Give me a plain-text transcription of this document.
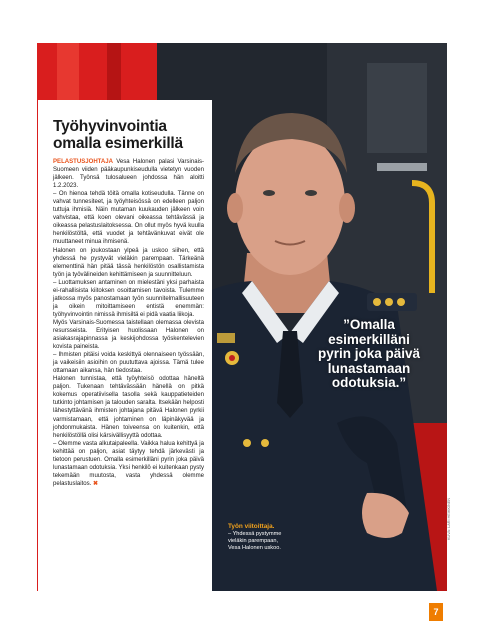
Työhyvinvointia
omalla esimerkillä

PELASTUSJOHTAJA Vesa Halonen palasi Varsinais-Suomeen viiden pääkaupunkiseudulla vietetyn vuoden jälkeen. Työnsä tulosalueen johdossa hän aloitti 1.2.2023.

– On hienoa tehdä töitä omalla kotiseudulla. Tänne on vahvat tunnesiteet, ja työyhteisössä on edelleen paljon tuttuja ihmisiä. Näin mutaman kuukauden jälkeen voin vahvistaa, että koen olevani oikeassa tehtävässä ja oikeassa pelastuslaitoksessa. On ollut myös hyvä kuulla henkilöstöltä, että vuodet ja tehtävänkuvat eivät ole muuttaneet minua ihmisenä.

Halonen on joukostaan ylpeä ja uskoo siihen, että yhdessä he pystyvät vieläkin parempaan. Tärkeänä elementtinä hän pitää tässä henkilöstön osallistamista työn ja työvälineiden kehittämiseen ja suunnitteluun.

– Luottamuksen antaminen on mielestäni yksi parhaista ei-rahallisista kiitoksen osoittamisen tavoista. Tulemme jatkossa myös panostamaan työn suunnitelmallisuuteen ja oikein mitoittamiseen entistä enemmän: työhyvinvointin nimissä ihmisiltä ei pidä vaatia liikoja.

Myös Varsinais-Suomessa taistellaan olemassa olevista resursseista. Erityisen huolissaan Halonen on asiakasrajapinnassa ja keskijohdossa työskentelevien kovista paineista.

– Ihmisten pitäisi voida keskittyä olennaiseen työssään, ja vaikeisiin asioihin on puututtava ajoissa. Tämä tulee ottamaan aikansa, hän tiedostaa.

Halonen tunnistaa, että työyhteisö odottaa häneltä paljon. Tukenaan tehtävässään hänellä on pitkä kokemus operatiivisella tasolla sekä kauppatieteiden tutkinto johtamisen ja talouden saralta. Itsekään helposti lähestyttävänä ihmisten johtajana pitävä Halonen pyrkii varmistamaan, että johtaminen on läpinäkyvää ja johdonmukaista. Hänen toiveensa on kuitenkin, että henkilöstöllä olisi kärsivällisyyttä odottaa.

– Olemme vasta alkutaipaleella. Vaikka halua kehittyä ja kehittää on paljon, asiat täytyy tehdä järkevästi ja tietoon perustuen. Omalla esimerkilläni pyrin joka päivä lunastamaan odotuksia. Yksi henkilö ei kuitenkaan pysty tekemään muutosta, vasta yhdessä olemme pelastuslaitos. ✖

”Omalla
esimerkilläni
pyrin joka päivä
lunastamaan
odotuksia.”
Työn viitoittaja.
– Yhdessä pystymme
vieläkin parempaan,
Vesa Halonen uskoo.
KUVA: LARI HEIKKINEN
7
